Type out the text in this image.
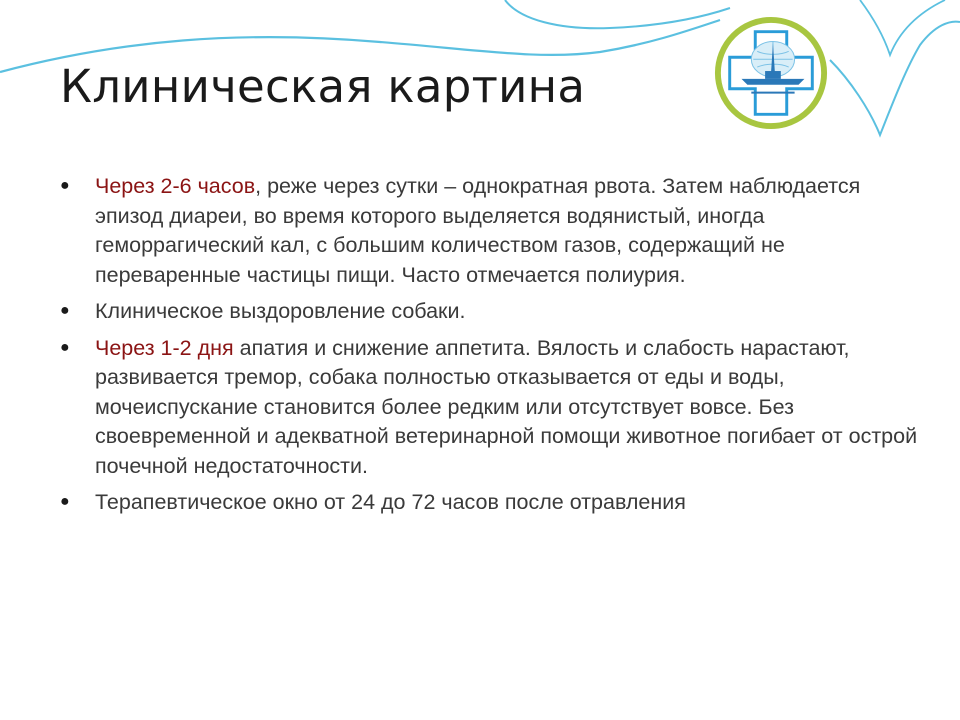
Клиническая картина
● Через 2-6 часов, реже через сутки – однократная рвота. Затем наблюдается эпизод диареи, во время которого выделяется водянистый, иногда геморрагический кал, с большим количеством газов, содержащий не переваренные частицы пищи. Часто отмечается полиурия.
● Клиническое выздоровление собаки.
● Через 1-2 дня апатия и снижение аппетита. Вялость и слабость нарастают, развивается тремор, собака полностью отказывается от еды и воды, мочеиспускание становится более редким или отсутствует вовсе. Без своевременной и адекватной ветеринарной помощи животное погибает от острой почечной недостаточности.
● Терапевтическое окно от 24 до 72 часов после отравления
